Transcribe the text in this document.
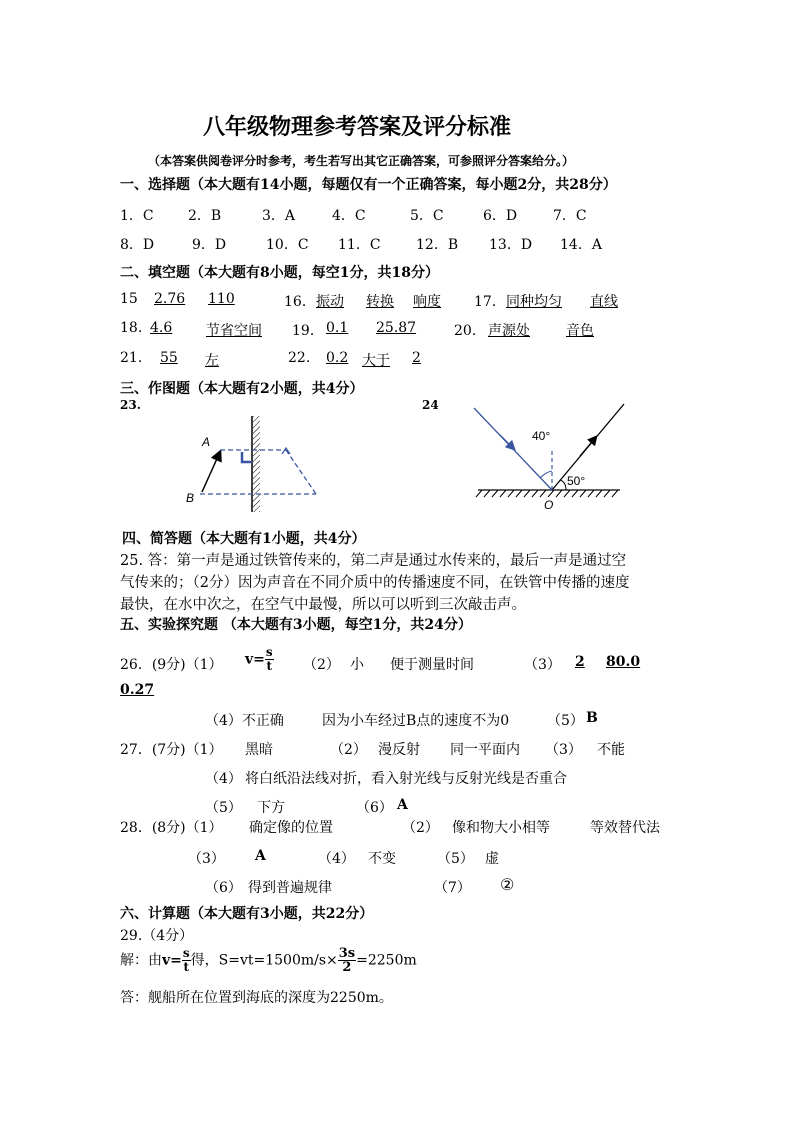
八年级物理参考答案及评分标准
（本答案供阅卷评分时参考，考生若写出其它正确答案，可参照评分答案给分。）
一、选择题（本大题有14小题，每题仅有一个正确答案，每小题2分，共28分）
1．C 2．B	3．A	4．C	5．C	6．D	7．C
8．D	9．D	10．C 11．C	12．B 13．D 14．A
二、填空题（本大题有8小题，每空1分，共18分）
15 2.76 110	16． 振动 转换 响度 17． 同种均匀 直线
18. 4.6 节省空间 19． 0.1 25.87	20． 声源处	音色
21. 55 左	22. 0.2 大于 2
三、作图题（本大题有2小题，共4分）
23.	24
A
B
40°
50°
O
四、简答题（本大题有1小题，共4分）
25. 答：第一声是通过铁管传来的，第二声是通过水传来的，最后一声是通过空
气传来的；（2分）因为声音在不同介质中的传播速度不同，在铁管中传播的速度
最快，在水中次之，在空气中最慢，所以可以听到三次敲击声。
五、实验探究题 （本大题有3小题，每空1分，共24分）
26．(9分)（1） $v= \frac{s}{t} (2)$ 小 便于测量时间	（3） 2 80.0
0.27
（4）不正确	因为小车经过B点的速度不为0	（5） B
27．(7分)（1） 黑暗	（2） 漫反射 同一平面内 （3） 不能
（4） 将白纸沿法线对折，看入射光线与反射光线是否重合
（5） 下方	（6） A
28．(8分)（1） 确定像的位置	（2） 像和物大小相等	等效替代法
（3） A	（4） 不变	（5） 虚
（6） 得到普遍规律	（7） ②
六、计算题（本大题有3小题，共22分）
29.（4分）
解：由$v= \frac{s}{t}$ 得，$S=vt=1500m/s\times \frac{3s}{2} =2250m$
答：舰船所在位置到海底的深度为2250m。
